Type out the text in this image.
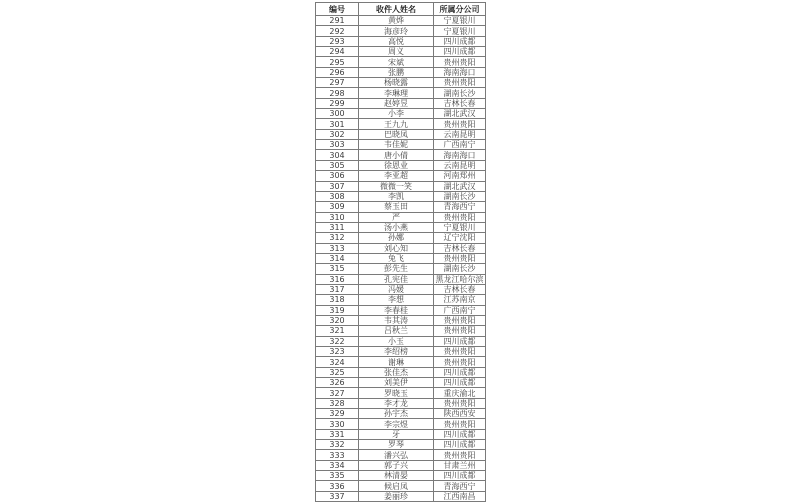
编号	收件人姓名	所属分公司
291	黄烨	宁夏银川
292	海彦玲	宁夏银川
293	高悦	四川成都
294	周义	四川成都
295	宋斌	贵州贵阳
296	张鹏	海南海口
297	杨晓露	贵州贵阳
298	李琳理	湖南长沙
299	赵婷昱	吉林长春
300	小李	湖北武汉
301	王九九	贵州贵阳
302	巴晓凤	云南昆明
303	韦佳妮	广西南宁
304	唐小倩	海南海口
305	徐恩业	云南昆明
306	李亚超	河南郑州
307	微微一笑	湖北武汉
308	李凯	湖南长沙
309	蔡玉田	青海西宁
310	严	贵州贵阳
311	汤小燕	宁夏银川
312	孙娜	辽宁沈阳
313	刘心知	吉林长春
314	兔飞	贵州贵阳
315	彭先生	湖南长沙
316	孔宪佳	黑龙江哈尔滨
317	冯媛	吉林长春
318	李想	江苏南京
319	李春桂	广西南宁
320	韦其涛	贵州贵阳
321	吕秋兰	贵州贵阳
322	小玉	四川成都
323	李绍榜	贵州贵阳
324	谢琳	贵州贵阳
325	张佳杰	四川成都
326	刘美伊	四川成都
327	罗晓玉	重庆渝北
328	李才龙	贵州贵阳
329	孙宇杰	陕西西安
330	李宗煜	贵州贵阳
331	牙	四川成都
332	罗琴	四川成都
333	潘兴弘	贵州贵阳
334	郭子兴	甘肃兰州
335	林清晏	四川成都
336	候启凤	青海西宁
337	姜丽珍	江西南昌
